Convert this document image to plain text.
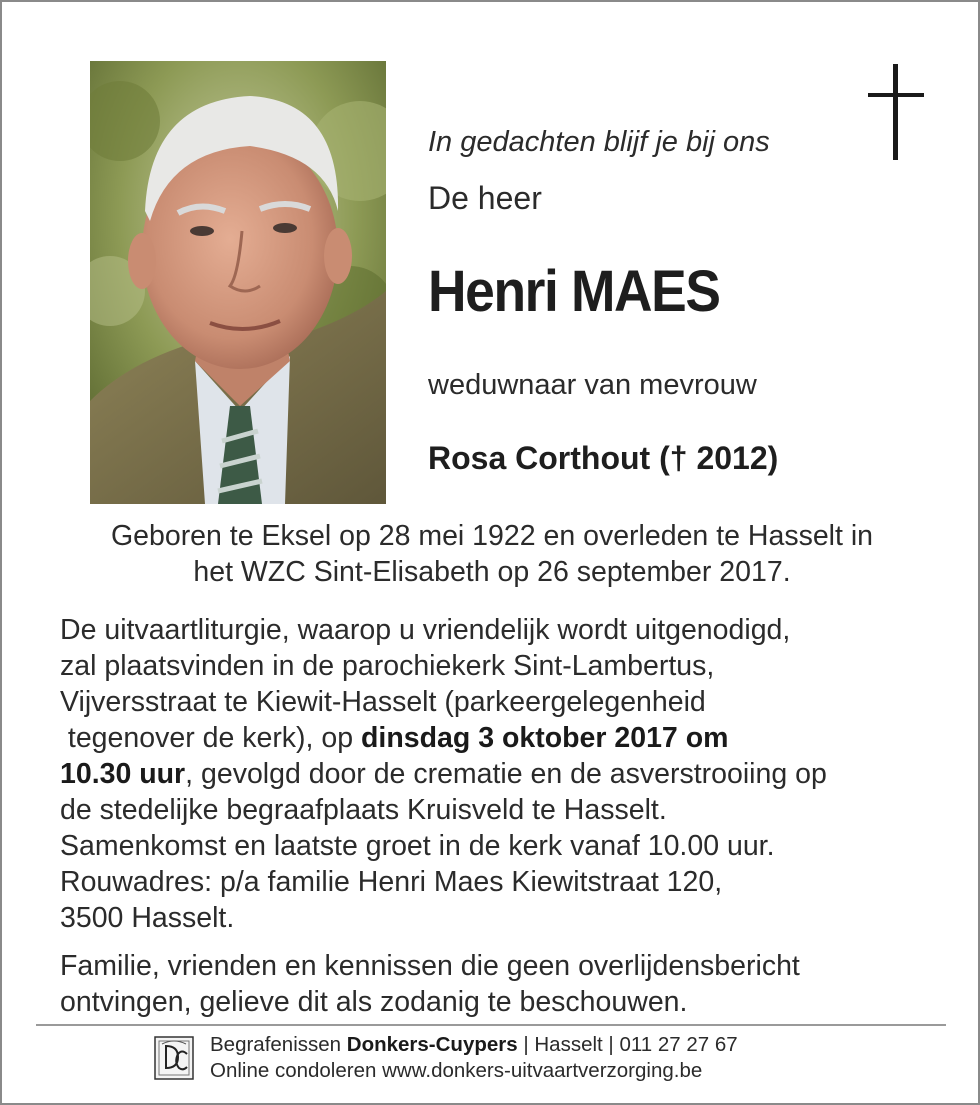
In gedachten blijf je bij ons
De heer
Henri MAES
weduwnaar van mevrouw
Rosa Corthout († 2012)
Geboren te Eksel op 28 mei 1922 en overleden te Hasselt in
het WZC Sint-Elisabeth op 26 september 2017.
De uitvaartliturgie, waarop u vriendelijk wordt uitgenodigd,
zal plaatsvinden in de parochiekerk Sint-Lambertus,
Vijversstraat te Kiewit-Hasselt (parkeergelegenheid
tegenover de kerk), op dinsdag 3 oktober 2017 om
10.30 uur, gevolgd door de crematie en de asverstrooiing op
de stedelijke begraafplaats Kruisveld te Hasselt.
Samenkomst en laatste groet in de kerk vanaf 10.00 uur.
Rouwadres: p/a familie Henri Maes Kiewitstraat 120,
3500 Hasselt.
Familie, vrienden en kennissen die geen overlijdensbericht
ontvingen, gelieve dit als zodanig te beschouwen.
Begrafenissen Donkers-Cuypers | Hasselt | 011 27 27 67
Online condoleren www.donkers-uitvaartverzorging.be
